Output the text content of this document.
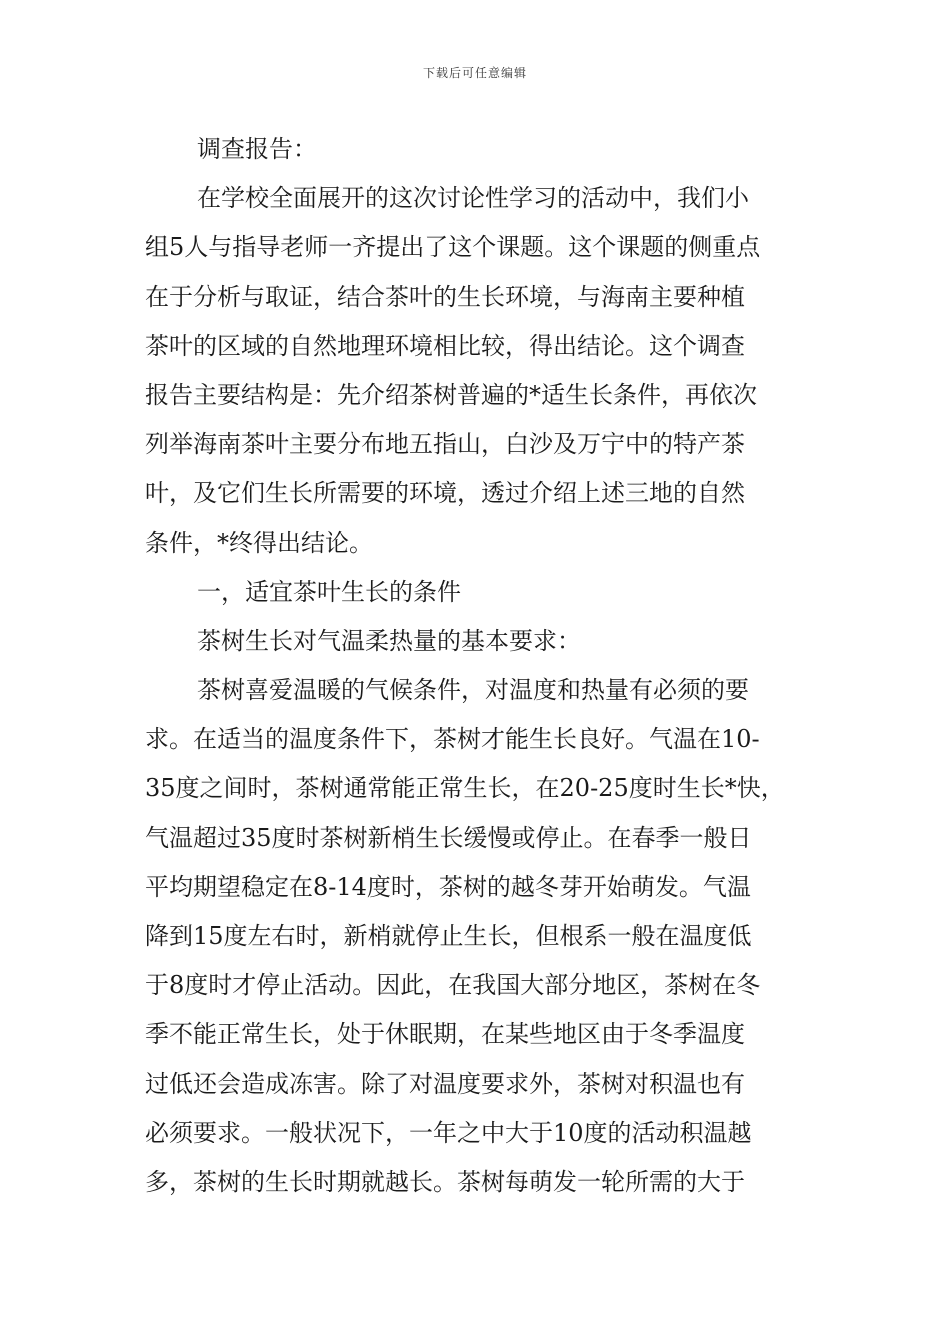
下载后可任意编辑
调查报告：
在学校全面展开的这次讨论性学习的活动中，我们小
组5人与指导老师一齐提出了这个课题。这个课题的侧重点
在于分析与取证，结合茶叶的生长环境，与海南主要种植
茶叶的区域的自然地理环境相比较，得出结论。这个调查
报告主要结构是：先介绍茶树普遍的*适生长条件，再依次
列举海南茶叶主要分布地五指山，白沙及万宁中的特产茶
叶，及它们生长所需要的环境，透过介绍上述三地的自然
条件，*终得出结论。
一，适宜茶叶生长的条件
茶树生长对气温柔热量的基本要求：
茶树喜爱温暖的气候条件，对温度和热量有必须的要
求。在适当的温度条件下，茶树才能生长良好。气温在10-
35度之间时，茶树通常能正常生长，在20-25度时生长*快，
气温超过35度时茶树新梢生长缓慢或停止。在春季一般日
平均期望稳定在8-14度时，茶树的越冬芽开始萌发。气温
降到15度左右时，新梢就停止生长，但根系一般在温度低
于8度时才停止活动。因此，在我国大部分地区，茶树在冬
季不能正常生长，处于休眠期，在某些地区由于冬季温度
过低还会造成冻害。除了对温度要求外，茶树对积温也有
必须要求。一般状况下，一年之中大于10度的活动积温越
多，茶树的生长时期就越长。茶树每萌发一轮所需的大于
